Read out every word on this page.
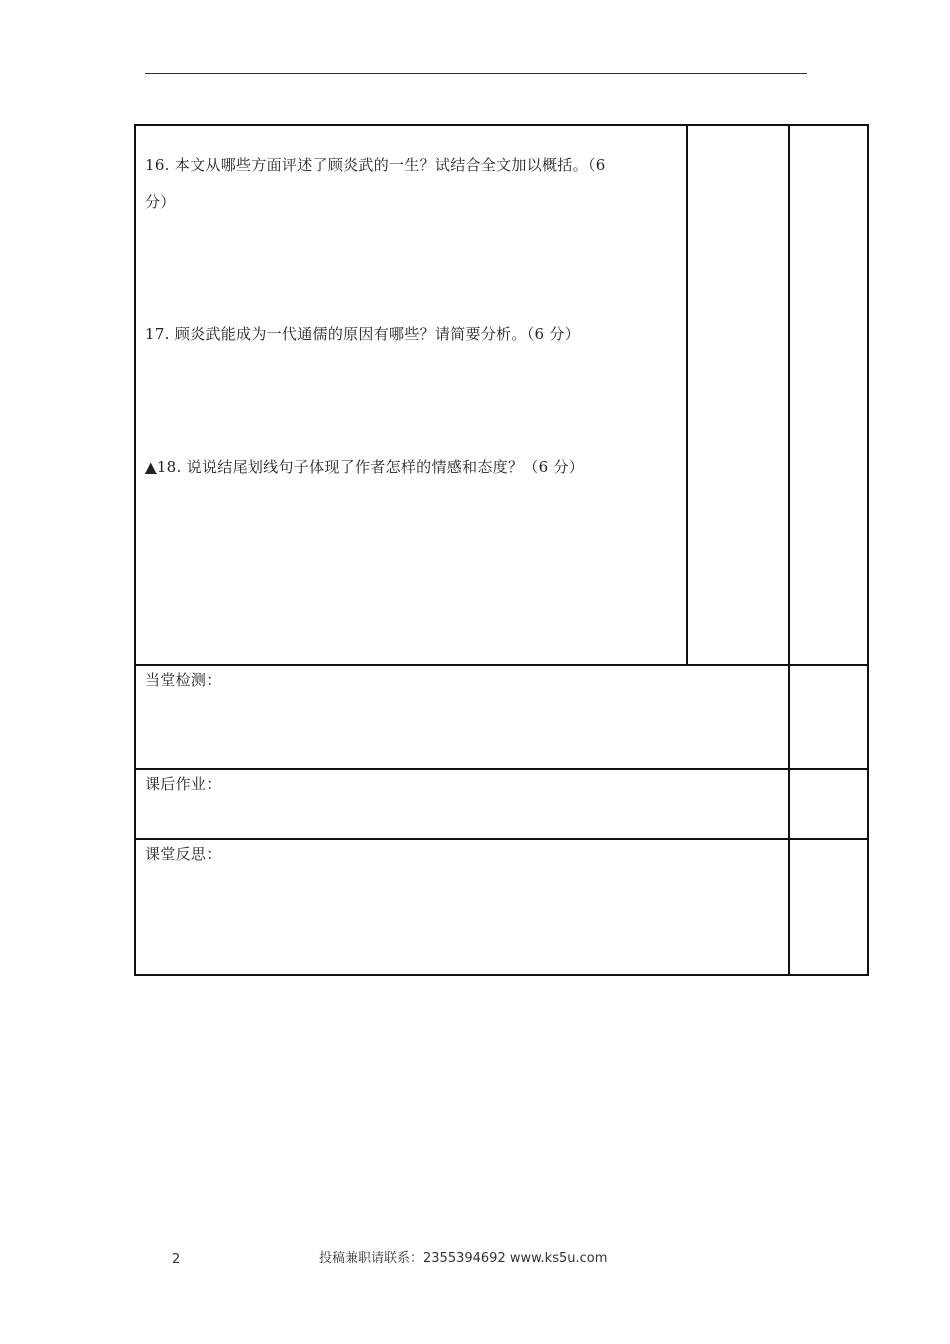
16. 本文从哪些方面评述了顾炎武的一生？试结合全文加以概括。（6
分）
17. 顾炎武能成为一代通儒的原因有哪些？请简要分析。（6 分）
▲18. 说说结尾划线句子体现了作者怎样的情感和态度？（6 分）
当堂检测：
课后作业：
课堂反思：
2	投稿兼职请联系：2355394692 www.ks5u.com
